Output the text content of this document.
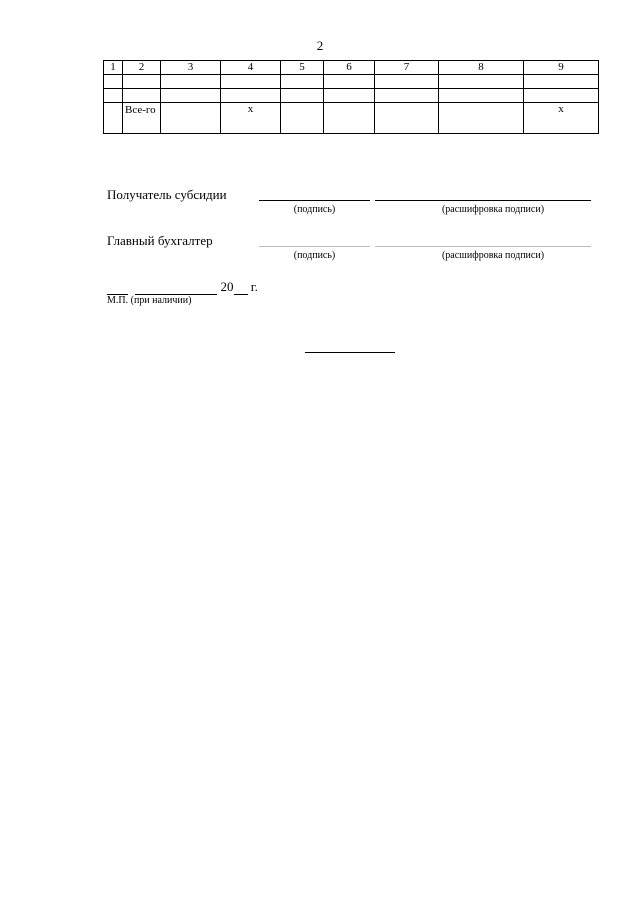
2
1	2	3	4	5	6	7	8	9

	Все-го		х					х
Получатель субсидии
(подпись)	(расшифровка подписи)
Главный бухгалтер
(подпись)	(расшифровка подписи)
20 г.
М.П. (при наличии)
